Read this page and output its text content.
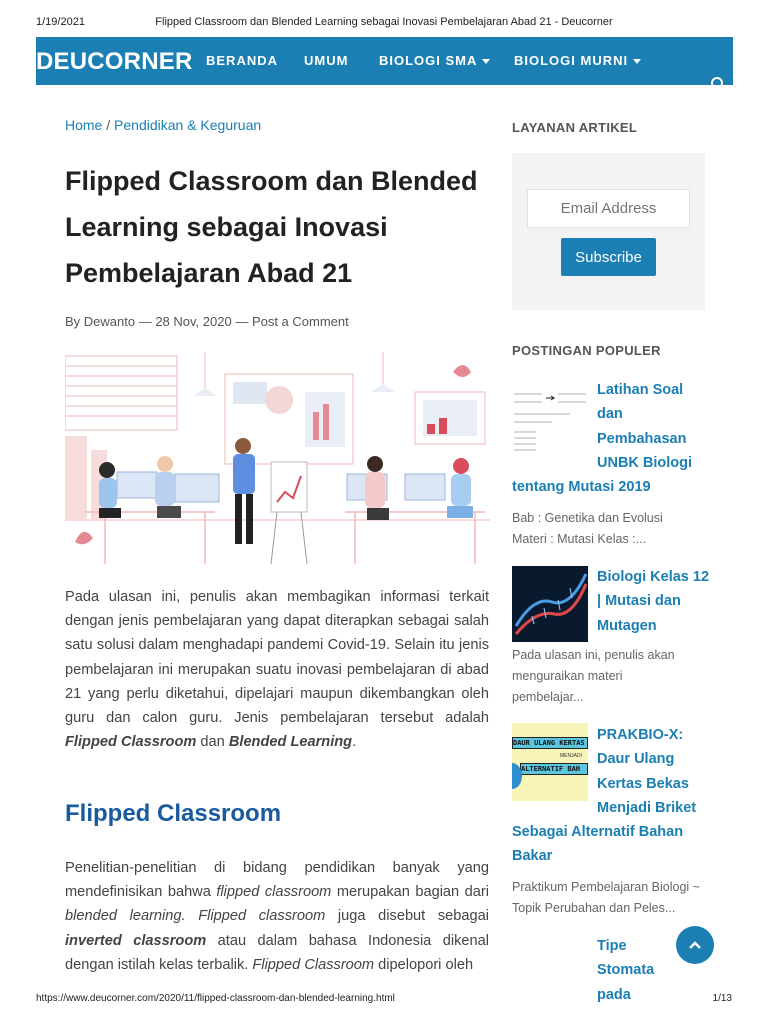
1/19/2021	Flipped Classroom dan Blended Learning sebagai Inovasi Pembelajaran Abad 21 - Deucorner
DEUCORNER BERANDA UMUM BIOLOGI SMA	BIOLOGI MURNI
Home / Pendidikan & Keguruan
Flipped Classroom dan Blended Learning sebagai Inovasi Pembelajaran Abad 21
By Dewanto — 28 Nov, 2020 — Post a Comment

Pada ulasan ini, penulis akan membagikan informasi terkait dengan jenis pembelajaran yang dapat diterapkan sebagai salah satu solusi dalam menghadapi pandemi Covid-19. Selain itu jenis pembelajaran ini merupakan suatu inovasi pembelajaran di abad 21 yang perlu diketahui, dipelajari maupun dikembangkan oleh guru dan calon guru. Jenis pembelajaran tersebut adalah Flipped Classroom dan Blended Learning.

Flipped Classroom

Penelitian-penelitian di bidang pendidikan banyak yang mendefinisikan bahwa flipped classroom merupakan bagian dari blended learning. Flipped classroom juga disebut sebagai inverted classroom atau dalam bahasa Indonesia dikenal dengan istilah kelas terbalik. Flipped Classroom dipelopori oleh

LAYANAN ARTIKEL
Email Address
Subscribe
POSTINGAN POPULER
Latihan Soal dan Pembahasan UNBK Biologi
tentang Mutasi 2019
Bab : Genetika dan Evolusi
Materi : Mutasi Kelas :...
Biologi Kelas 12 | Mutasi dan Mutagen
Pada ulasan ini, penulis akan menguraikan materi
pembelajar...
DAUR ULANG KERTAS
MENJADI
ALTERNATIF BAH
PRAKBIO-X: Daur Ulang Kertas Bekas Menjadi Briket
Sebagai Alternatif Bahan Bakar
Praktikum Pembelajaran Biologi ~ Topik Perubahan dan Peles...
Tipe Stomata pada
https://www.deucorner.com/2020/11/flipped-classroom-dan-blended-learning.html	1/13
